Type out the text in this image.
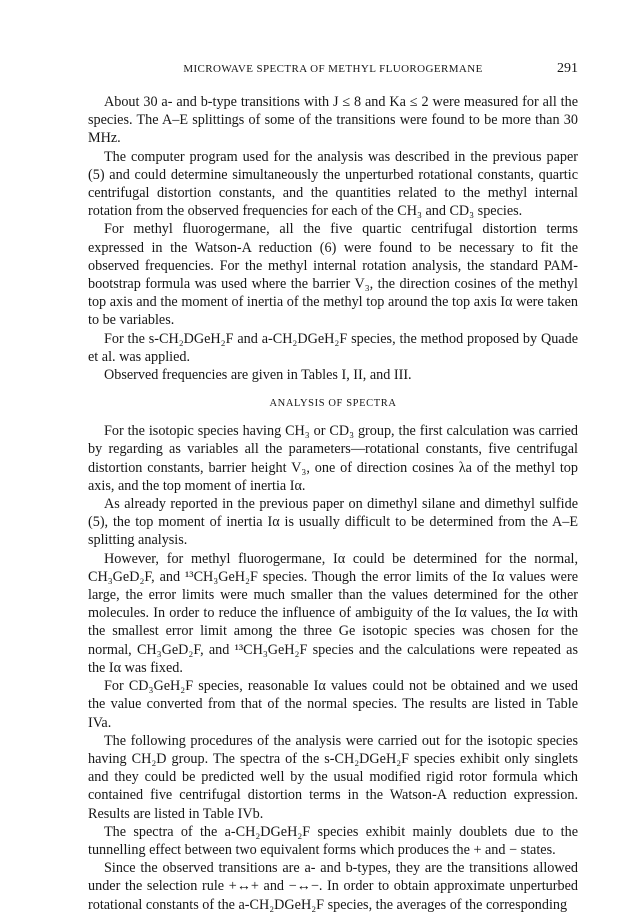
MICROWAVE SPECTRA OF METHYL FLUOROGERMANE	291

About 30 a- and b-type transitions with J ≤ 8 and Ka ≤ 2 were measured for all the species. The A–E splittings of some of the transitions were found to be more than 30 MHz.

The computer program used for the analysis was described in the previous paper (5) and could determine simultaneously the unperturbed rotational constants, quartic centrifugal distortion constants, and the quantities related to the methyl internal rotation from the observed frequencies for each of the CH₃ and CD₃ species.

For methyl fluorogermane, all the five quartic centrifugal distortion terms expressed in the Watson-A reduction (6) were found to be necessary to fit the observed frequencies. For the methyl internal rotation analysis, the standard PAM-bootstrap formula was used where the barrier V₃, the direction cosines of the methyl top axis and the moment of inertia of the methyl top around the top axis Iα were taken to be variables.

For the s-CH₂DGeH₂F and a-CH₂DGeH₂F species, the method proposed by Quade et al. was applied.

Observed frequencies are given in Tables I, II, and III.

ANALYSIS OF SPECTRA

For the isotopic species having CH₃ or CD₃ group, the first calculation was carried by regarding as variables all the parameters—rotational constants, five centrifugal distortion constants, barrier height V₃, one of direction cosines λa of the methyl top axis, and the top moment of inertia Iα.

As already reported in the previous paper on dimethyl silane and dimethyl sulfide (5), the top moment of inertia Iα is usually difficult to be determined from the A–E splitting analysis.

However, for methyl fluorogermane, Iα could be determined for the normal, CH₃GeD₂F, and ¹³CH₃GeH₂F species. Though the error limits of the Iα values were large, the error limits were much smaller than the values determined for the other molecules. In order to reduce the influence of ambiguity of the Iα values, the Iα with the smallest error limit among the three Ge isotopic species was chosen for the normal, CH₃GeD₂F, and ¹³CH₃GeH₂F species and the calculations were repeated as the Iα was fixed.

For CD₃GeH₂F species, reasonable Iα values could not be obtained and we used the value converted from that of the normal species. The results are listed in Table IVa.

The following procedures of the analysis were carried out for the isotopic species having CH₂D group. The spectra of the s-CH₂DGeH₂F species exhibit only singlets and they could be predicted well by the usual modified rigid rotor formula which contained five centrifugal distortion terms in the Watson-A reduction expression. Results are listed in Table IVb.

The spectra of the a-CH₂DGeH₂F species exhibit mainly doublets due to the tunnelling effect between two equivalent forms which produces the + and − states.

Since the observed transitions are a- and b-types, they are the transitions allowed under the selection rule +↔+ and −↔−. In order to obtain approximate unperturbed rotational constants of the a-CH₂DGeH₂F species, the averages of the corresponding
